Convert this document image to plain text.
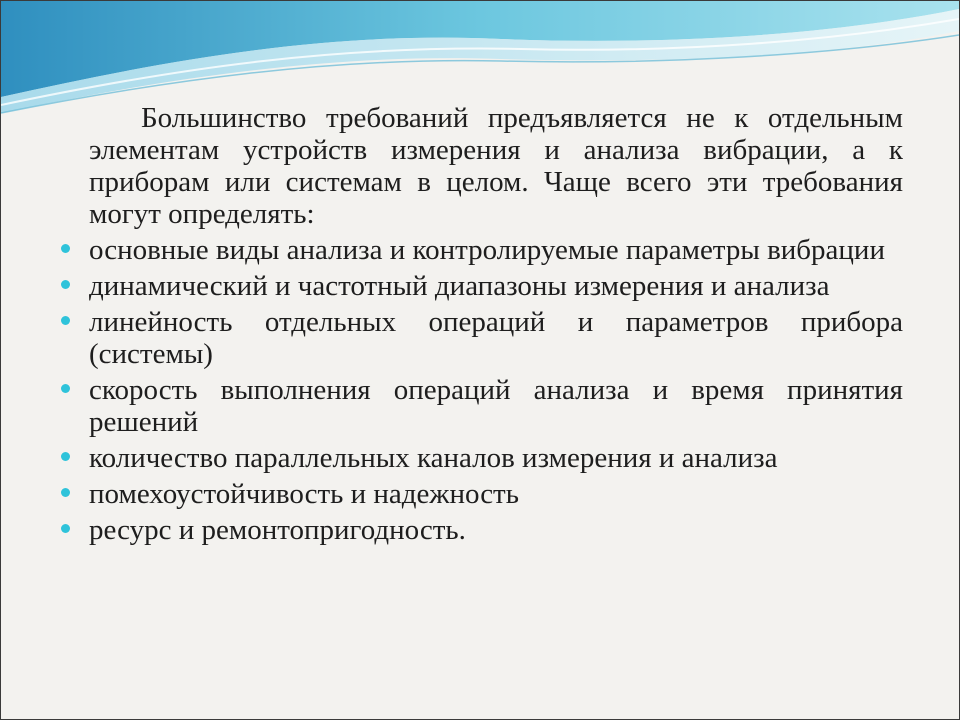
Большинство требований предъявляется не к отдельным элементам устройств измерения и анализа вибрации, а к приборам или системам в целом. Чаще всего эти требования могут определять:

основные виды анализа и контролируемые параметры вибрации
динамический и частотный диапазоны измерения и анализа
линейность отдельных операций и параметров прибора (системы)
скорость выполнения операций анализа и время принятия решений
количество параллельных каналов измерения и анализа
помехоустойчивость и надежность
ресурс и ремонтопригодность.
